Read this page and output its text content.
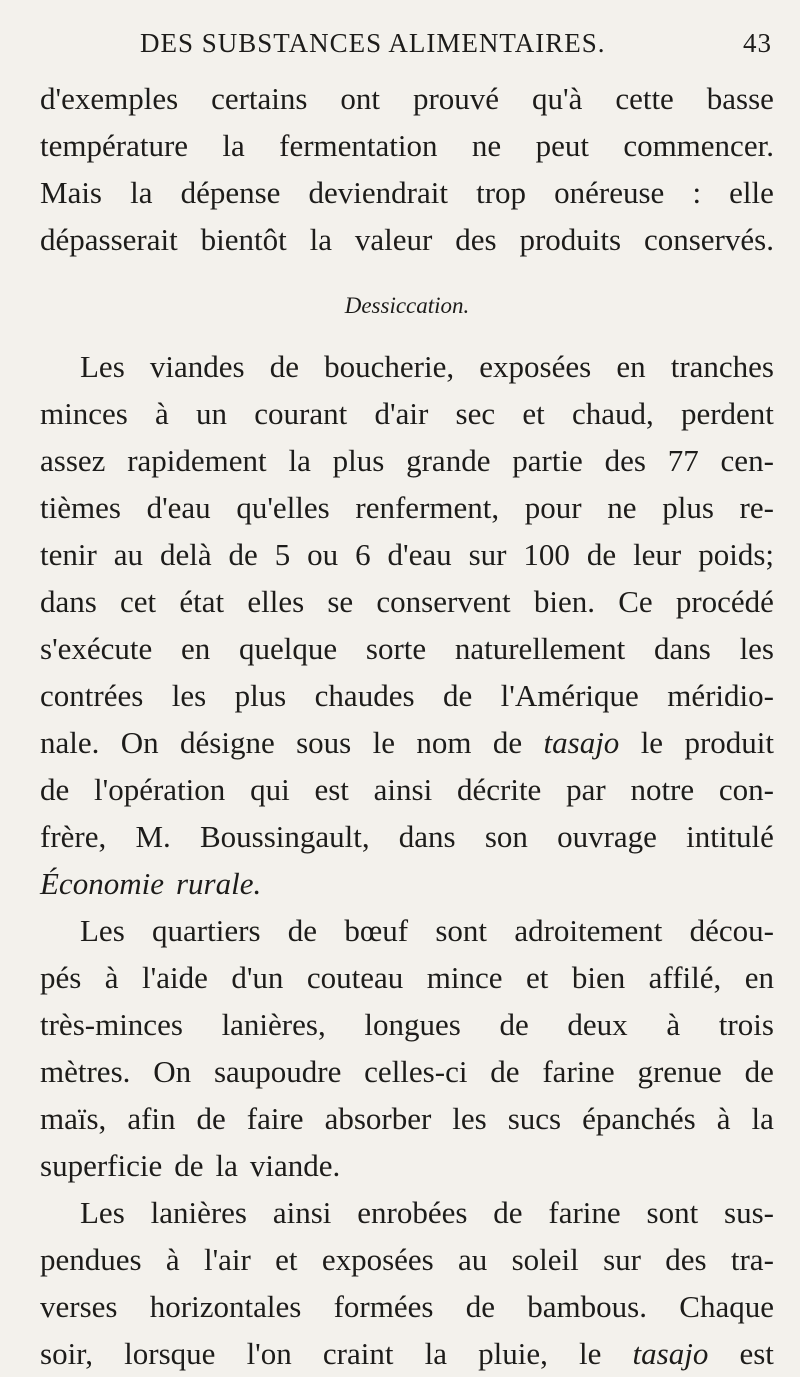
DES SUBSTANCES ALIMENTAIRES.	43
d'exemples certains ont prouvé qu'à cette basse
température la fermentation ne peut commencer.
Mais la dépense deviendrait trop onéreuse : elle
dépasserait bientôt la valeur des produits conservés.
Dessiccation.
Les viandes de boucherie, exposées en tranches
minces à un courant d'air sec et chaud, perdent
assez rapidement la plus grande partie des 77 cen-
tièmes d'eau qu'elles renferment, pour ne plus re-
tenir au delà de 5 ou 6 d'eau sur 100 de leur poids;
dans cet état elles se conservent bien. Ce procédé
s'exécute en quelque sorte naturellement dans les
contrées les plus chaudes de l'Amérique méridio-
nale. On désigne sous le nom de tasajo le produit
de l'opération qui est ainsi décrite par notre con-
frère, M. Boussingault, dans son ouvrage intitulé
Économie rurale.
Les quartiers de bœuf sont adroitement décou-
pés à l'aide d'un couteau mince et bien affilé, en
très-minces lanières, longues de deux à trois
mètres. On saupoudre celles-ci de farine grenue de
maïs, afin de faire absorber les sucs épanchés à la
superficie de la viande.
Les lanières ainsi enrobées de farine sont sus-
pendues à l'air et exposées au soleil sur des tra-
verses horizontales formées de bambous. Chaque
soir, lorsque l'on craint la pluie, le tasajo est
